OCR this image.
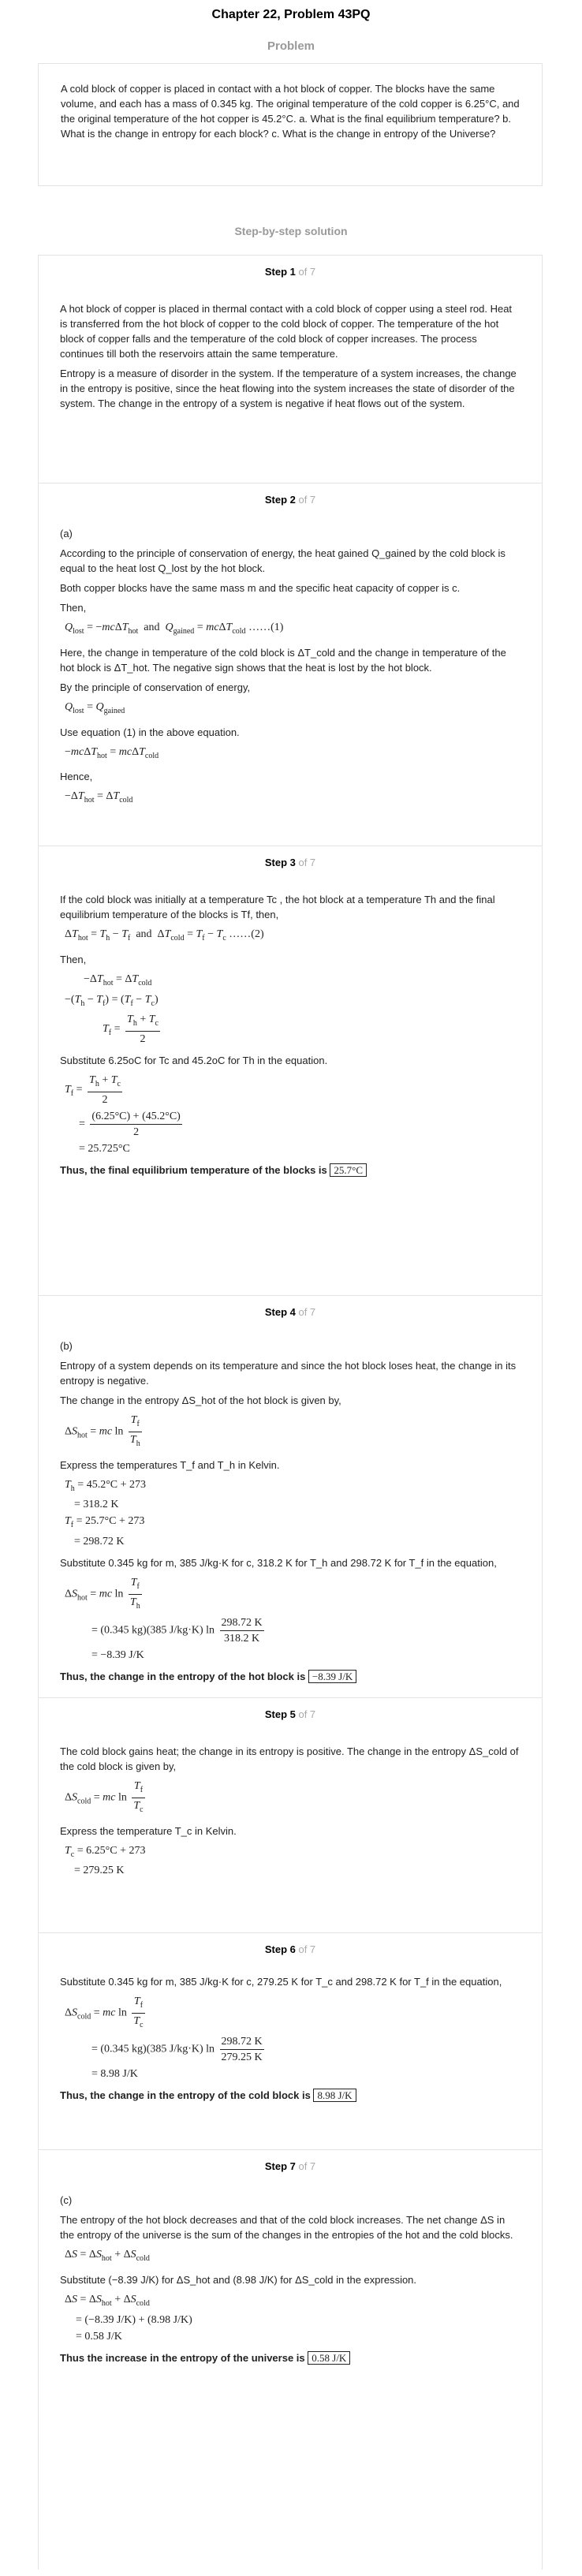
Chapter 22, Problem 43PQ
Problem
A cold block of copper is placed in contact with a hot block of copper. The blocks have the same volume, and each has a mass of 0.345 kg. The original temperature of the cold copper is 6.25°C, and the original temperature of the hot copper is 45.2°C. a. What is the final equilibrium temperature? b. What is the change in entropy for each block? c. What is the change in entropy of the Universe?
Step-by-step solution
Step 1 of 7

A hot block of copper is placed in thermal contact with a cold block of copper using a steel rod. Heat is transferred from the hot block of copper to the cold block of copper. The temperature of the hot block of copper falls and the temperature of the cold block of copper increases. The process continues till both the reservoirs attain the same temperature.

Entropy is a measure of disorder in the system. If the temperature of a system increases, the change in the entropy is positive, since the heat flowing into the system increases the state of disorder of the system. The change in the entropy of a system is negative if heat flows out of the system.

Step 2 of 7

(a)

According to the principle of conservation of energy, the heat gained Q_gained by the cold block is equal to the heat lost Q_lost by the hot block.

Both copper blocks have the same mass m and the specific heat capacity of copper is c.

Then,

$Q_{lost} = -mc\Delta T_{hot}$  and  $Q_{gained} = mc\Delta T_{cold}$ ……(1)

Here, the change in temperature of the cold block is ΔT_cold and the change in temperature of the hot block is ΔT_hot. The negative sign shows that the heat is lost by the hot block.

By the principle of conservation of energy,

$Q_{lost} = Q_{gained}$

Use equation (1) in the above equation.

−mcΔT$_{hot}$ = mcΔT$_{cold}$

Hence,

$-\Delta T_{hot} = \Delta T_{cold}$
Step 3 of 7

If the cold block was initially at a temperature Tc , the hot block at a temperature Th and the final equilibrium temperature of the blocks is Tf, then,

$\Delta T_{hot} = T_h - T_f$  and  $\Delta T_{cold} = T_f - T_c$ ……(2)

Then,

$-\Delta T_{hot} = \Delta T_{cold}$
$-(T_h - T_f) = (T_f - T_c)$
$T_f = \frac{T_h + T_c}{2}$

Substitute 6.25oC for Tc and 45.2oC for Th in the equation.

$T_f = \frac{T_h + T_c}{2}$
= $\frac{(6.25^\circ C) + (45.2^\circ C)}{2}$
= 25.725°C

Thus, the final equilibrium temperature of the blocks is 25.7°C

Step 4 of 7

(b)

Entropy of a system depends on its temperature and since the hot block loses heat, the change in its entropy is negative.

The change in the entropy ΔS_hot of the hot block is given by,

$\Delta S_{hot}$ = mc $\ln \frac{T_f}{T_h}$

Express the temperatures T_f and T_h in Kelvin.

$T_h = 45.2^\circ C + 273$
= 318.2 K
$T_f = 25.7^\circ C + 273$
= 298.72 K

Substitute 0.345 kg for m, 385 J/kg·K for c, 318.2 K for T_h and 298.72 K for T_f in the equation,

$\Delta S_{hot}$ = mc $\ln \frac{T_f}{T_h}$
= (0.345 kg)(385 J/kg·K) $\ln \frac{298.72 K}{318.2 K}$
= −8.39 J/K

Thus, the change in the entropy of the hot block is −8.39 J/K

Step 5 of 7

The cold block gains heat; the change in its entropy is positive. The change in the entropy ΔS_cold of the cold block is given by,

$\Delta S_{cold}$ = mc $\ln \frac{T_f}{T_c}$

Express the temperature T_c in Kelvin.

$T_c = 6.25^\circ C + 273$
= 279.25 K
Step 6 of 7

Substitute 0.345 kg for m, 385 J/kg·K for c, 279.25 K for T_c and 298.72 K for T_f in the equation,

$\Delta S_{cold}$ = mc $\ln \frac{T_f}{T_c}$
= (0.345 kg)(385 J/kg·K) $\ln \frac{298.72 K}{279.25 K}$
= 8.98 J/K

Thus, the change in the entropy of the cold block is 8.98 J/K

Step 7 of 7

(c)

The entropy of the hot block decreases and that of the cold block increases. The net change ΔS in the entropy of the universe is the sum of the changes in the entropies of the hot and the cold blocks.

$\Delta S = \Delta S_{hot} + \Delta S_{cold}$

Substitute (−8.39 J/K) for ΔS_hot and (8.98 J/K) for ΔS_cold in the expression.

$\Delta S = \Delta S_{hot} + \Delta S_{cold}$
= (−8.39 J/K) + (8.98 J/K)
= 0.58 J/K

Thus the increase in the entropy of the universe is 0.58 J/K
